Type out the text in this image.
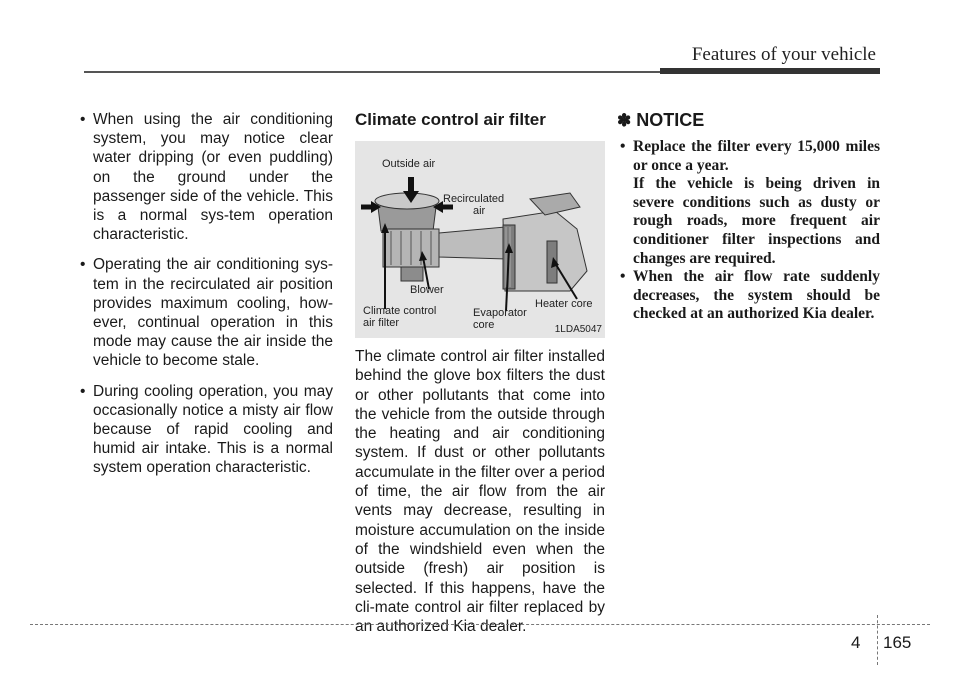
Features of your vehicle
• When using the air conditioning system, you may notice clear water dripping (or even puddling) on the ground under the passenger side of the vehicle. This is a normal sys-tem operation characteristic.
• Operating the air conditioning sys-tem in the recirculated air position provides maximum cooling, how-ever, continual operation in this mode may cause the air inside the vehicle to become stale.
• During cooling operation, you may occasionally notice a misty air flow because of rapid cooling and humid air intake. This is a normal system operation characteristic.
Climate control air filter
Outside air
Recirculated
air
Blower
Climate control
air filter
Evaporator
core
Heater core
1LDA5047

The climate control air filter installed behind the glove box filters the dust or other pollutants that come into the vehicle from the outside through the heating and air conditioning system. If dust or other pollutants accumulate in the filter over a period of time, the air flow from the air vents may decrease, resulting in moisture accumulation on the inside of the windshield even when the outside (fresh) air position is selected. If this happens, have the cli-mate control air filter replaced by an authorized Kia dealer.

✽ NOTICE
• Replace the filter every 15,000 miles or once a year.
If the vehicle is being driven in severe conditions such as dusty or rough roads, more frequent air conditioner filter inspections and changes are required.
• When the air flow rate suddenly decreases, the system should be checked at an authorized Kia dealer.
4 165
